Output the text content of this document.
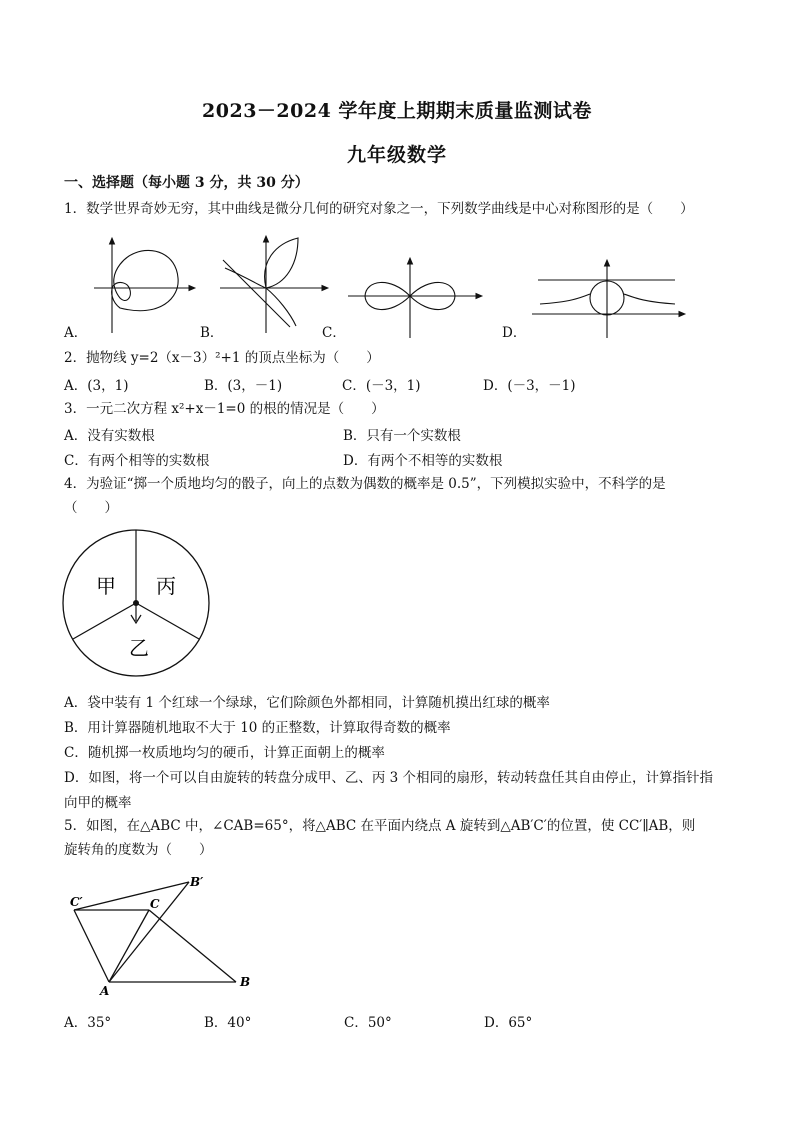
2023－2024 学年度上期期末质量监测试卷
九年级数学
一、选择题（每小题 3 分，共 30 分）
1．数学世界奇妙无穷，其中曲线是微分几何的研究对象之一，下列数学曲线是中心对称图形的是（　　）
A．	B．	C．	D．
2．抛物线 y=2（x－3）²+1 的顶点坐标为（　　）
A．(3，1)	B．(3，－1)	C．(－3，1)	D．(－3，－1)
3．一元二次方程 x²+x－1=0 的根的情况是（　　）
A．没有实数根	B．只有一个实数根
C．有两个相等的实数根	D．有两个不相等的实数根
4．为验证“掷一个质地均匀的骰子，向上的点数为偶数的概率是 0.5”，下列模拟实验中，不科学的是
（　　）
甲 丙
乙
A．袋中装有 1 个红球一个绿球，它们除颜色外都相同，计算随机摸出红球的概率
B．用计算器随机地取不大于 10 的正整数，计算取得奇数的概率
C．随机掷一枚质地均匀的硬币，计算正面朝上的概率
D．如图，将一个可以自由旋转的转盘分成甲、乙、丙 3 个相同的扇形，转动转盘任其自由停止，计算指针指
向甲的概率
5．如图，在△ABC 中，∠CAB=65°，将△ABC 在平面内绕点 A 旋转到△AB′C′的位置，使 CC′∥AB，则
旋转角的度数为（　　）
C′	C
B′
A
B
A．35°	B．40°	C．50°	D．65°
